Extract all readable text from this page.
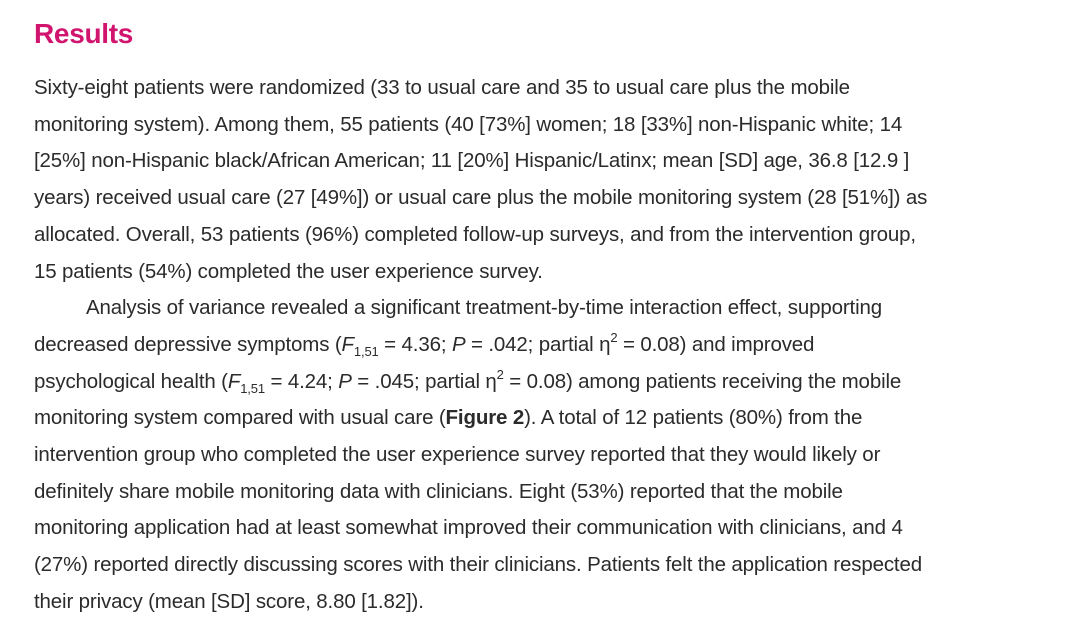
Results
Sixty-eight patients were randomized (33 to usual care and 35 to usual care plus the mobile
monitoring system). Among them, 55 patients (40 [73%] women; 18 [33%] non-Hispanic white; 14
[25%] non-Hispanic black/African American; 11 [20%] Hispanic/Latinx; mean [SD] age, 36.8 [12.9 ]
years) received usual care (27 [49%]) or usual care plus the mobile monitoring system (28 [51%]) as
allocated. Overall, 53 patients (96%) completed follow-up surveys, and from the intervention group,
15 patients (54%) completed the user experience survey.
Analysis of variance revealed a significant treatment-by-time interaction effect, supporting
decreased depressive symptoms ($F_{1,51} = 4.36$; P = .042; partial $\eta^2 = 0.08$) and improved
psychological health ($F_{1,51} = 4.24$; P = .045; partial $\eta^2 = 0.08$) among patients receiving the mobile
monitoring system compared with usual care (Figure 2). A total of 12 patients (80%) from the
intervention group who completed the user experience survey reported that they would likely or
definitely share mobile monitoring data with clinicians. Eight (53%) reported that the mobile
monitoring application had at least somewhat improved their communication with clinicians, and 4
(27%) reported directly discussing scores with their clinicians. Patients felt the application respected
their privacy (mean [SD] score, 8.80 [1.82]).
